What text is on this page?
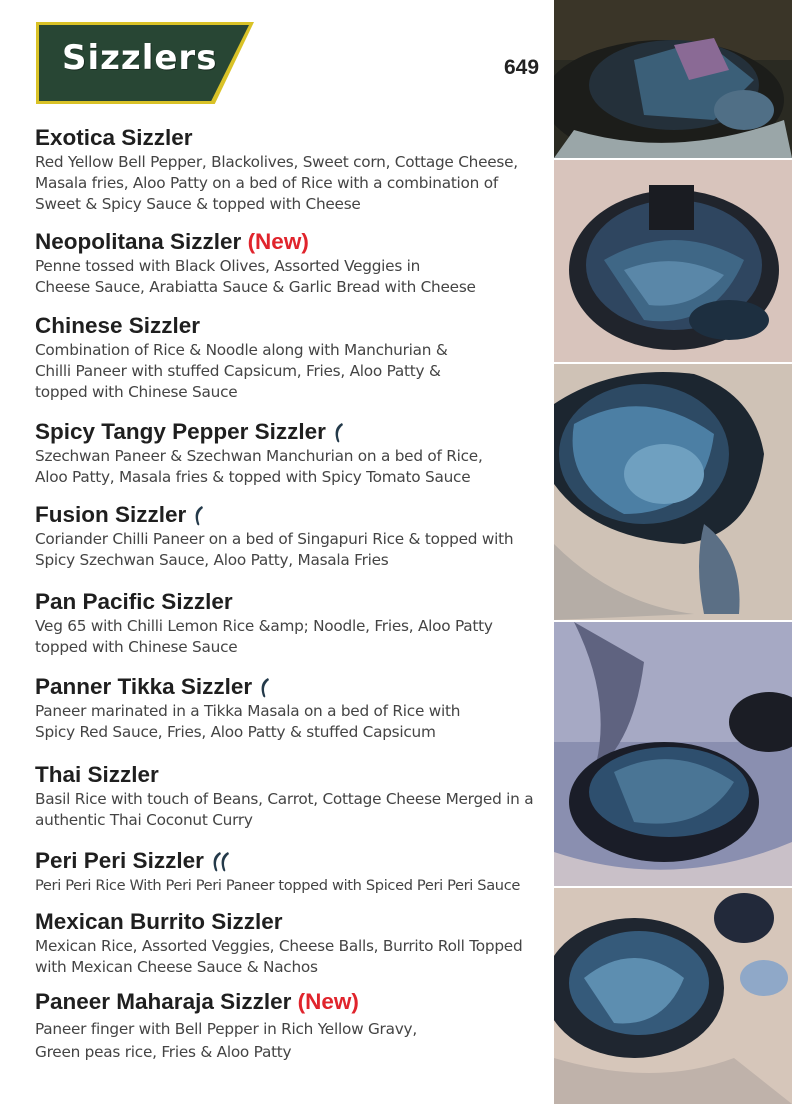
Sizzlers	649
Exotica Sizzler
Red Yellow Bell Pepper, Blackolives, Sweet corn, Cottage Cheese,
Masala fries, Aloo Patty on a bed of Rice with a combination of
Sweet & Spicy Sauce & topped with Cheese
Neopolitana Sizzler (New)
Penne tossed with Black Olives, Assorted Veggies in
Cheese Sauce, Arabiatta Sauce & Garlic Bread with Cheese
Chinese Sizzler
Combination of Rice & Noodle along with Manchurian &
Chilli Paneer with stuffed Capsicum, Fries, Aloo Patty &
topped with Chinese Sauce
Spicy Tangy Pepper Sizzler
Szechwan Paneer & Szechwan Manchurian on a bed of Rice,
Aloo Patty, Masala fries & topped with Spicy Tomato Sauce
Fusion Sizzler
Coriander Chilli Paneer on a bed of Singapuri Rice & topped with
Spicy Szechwan Sauce, Aloo Patty, Masala Fries
Pan Pacific Sizzler
Veg 65 with Chilli Lemon Rice &amp; Noodle, Fries, Aloo Patty
topped with Chinese Sauce
Panner Tikka Sizzler
Paneer marinated in a Tikka Masala on a bed of Rice with
Spicy Red Sauce, Fries, Aloo Patty & stuffed Capsicum
Thai Sizzler
Basil Rice with touch of Beans, Carrot, Cottage Cheese Merged in a
authentic Thai Coconut Curry
Peri Peri Sizzler
Peri Peri Rice With Peri Peri Paneer topped with Spiced Peri Peri Sauce
Mexican Burrito Sizzler
Mexican Rice, Assorted Veggies, Cheese Balls, Burrito Roll Topped
with Mexican Cheese Sauce & Nachos
Paneer Maharaja Sizzler (New)
Paneer finger with Bell Pepper in Rich Yellow Gravy,
Green peas rice, Fries & Aloo Patty
